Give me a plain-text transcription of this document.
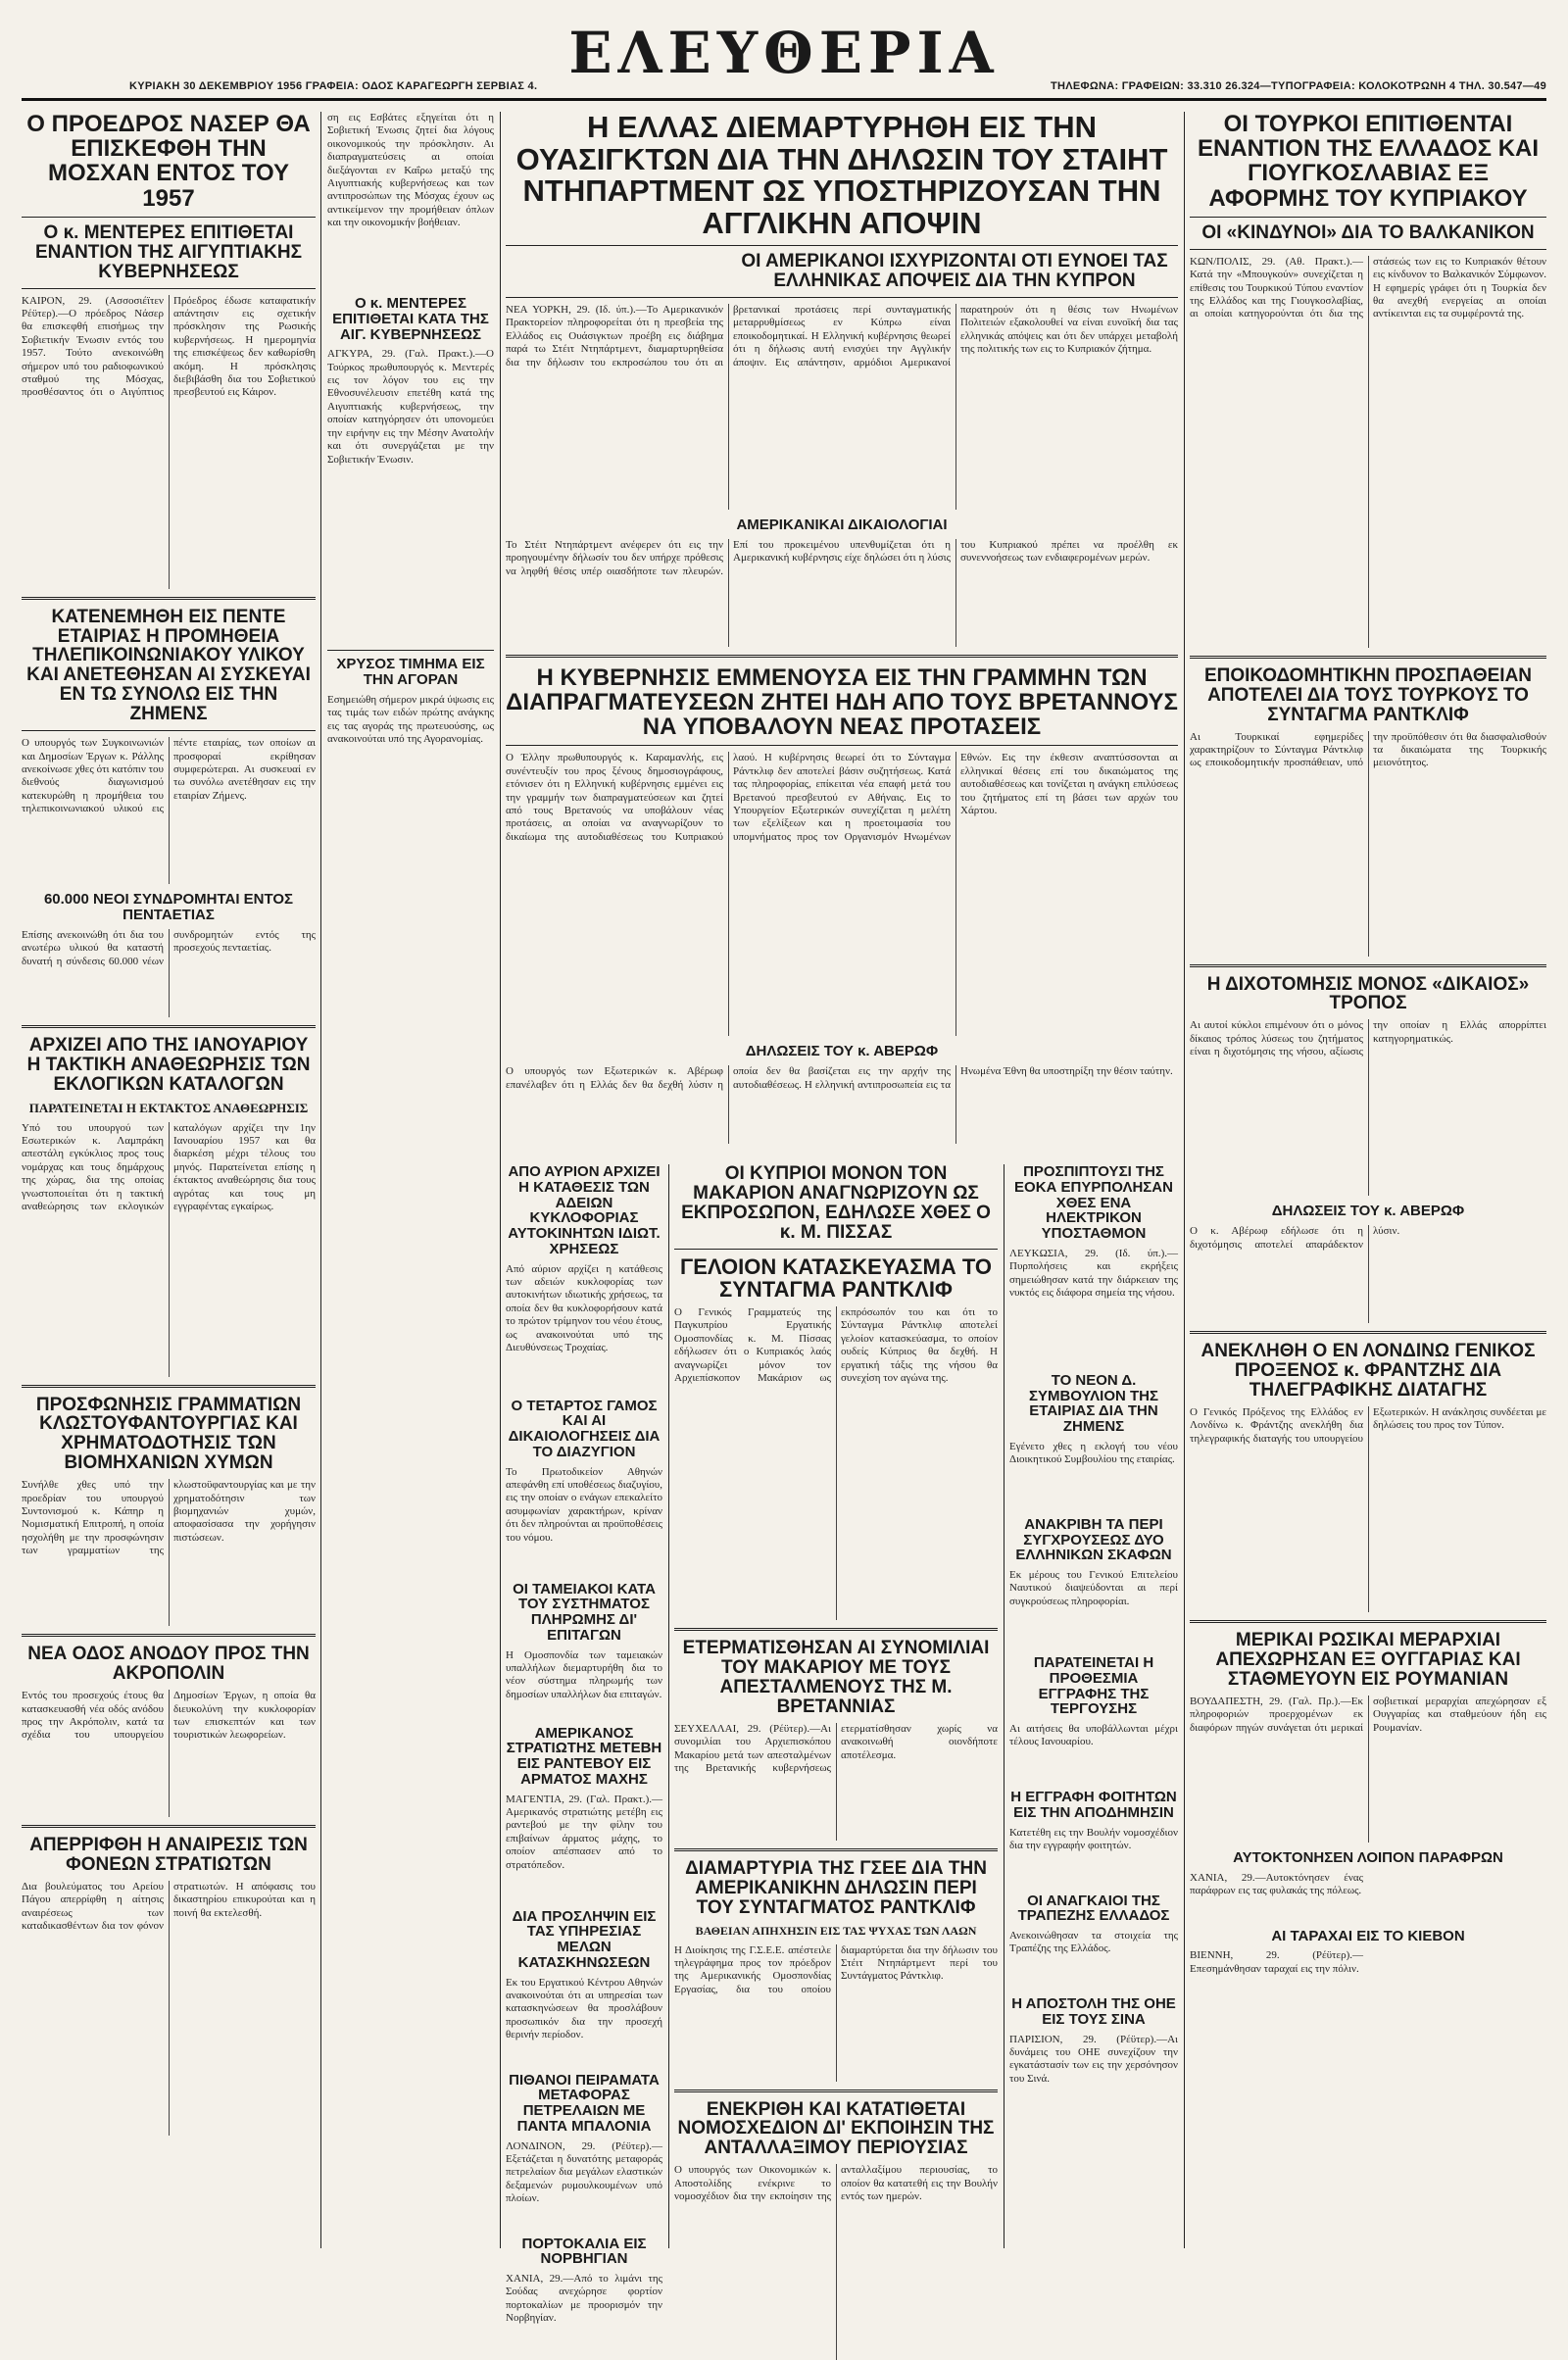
ΚΥΡΙΑΚΗ 30 ΔΕΚΕΜΒΡΙΟΥ 1956 ΓΡΑΦΕΙΑ: ΟΔΟΣ ΚΑΡΑΓΕΩΡΓΗ ΣΕΡΒΙΑΣ 4. ΕΛΕΥΘΕΡΙΑ	ΤΗΛΕΦΩΝΑ: ΓΡΑΦΕΙΩΝ: 33.310 26.324—ΤΥΠΟΓΡΑΦΕΙΑ: ΚΟΛΟΚΟΤΡΩΝΗ 4 ΤΗΛ. 30.547—49
Ο ΠΡΟΕΔΡΟΣ ΝΑΣΕΡ ΘΑ ΕΠΙΣΚΕΦΘΗ ΤΗΝ ΜΟΣΧΑΝ ΕΝΤΟΣ ΤΟΥ 1957
Ο κ. ΜΕΝΤΕΡΕΣ ΕΠΙΤΙΘΕΤΑΙ ΕΝΑΝΤΙΟΝ ΤΗΣ ΑΙΓΥΠΤΙΑΚΗΣ ΚΥΒΕΡΝΗΣΕΩΣ
ΚΑΙΡΟΝ, 29. (Ασσοσιέϊτεν Ρέϋτερ).—Ο πρόεδρος Νάσερ θα επισκεφθή επισήμως την Σοβιετικήν Ένωσιν εντός του 1957. Τούτο ανεκοινώθη σήμερον υπό του ραδιοφωνικού σταθμού της Μόσχας, προσθέσαντος ότι ο Αιγύπτιος Πρόεδρος έδωσε καταφατικήν απάντησιν εις σχετικήν πρόσκλησιν της Ρωσικής κυβερνήσεως. Η ημερομηνία της επισκέψεως δεν καθωρίσθη ακόμη. Η πρόσκλησις διεβιβάσθη δια του Σοβιετικού πρεσβευτού εις Κάιρον.
ΚΑΤΕΝΕΜΗΘΗ ΕΙΣ ΠΕΝΤΕ ΕΤΑΙΡΙΑΣ Η ΠΡΟΜΗΘΕΙΑ ΤΗΛΕΠΙΚΟΙΝΩΝΙΑΚΟΥ ΥΛΙΚΟΥ ΚΑΙ ΑΝΕΤΕΘΗΣΑΝ ΑΙ ΣΥΣΚΕΥΑΙ ΕΝ ΤΩ ΣΥΝΟΛΩ ΕΙΣ ΤΗΝ ΖΗΜΕΝΣ
Ο υπουργός των Συγκοινωνιών και Δημοσίων Έργων κ. Ράλλης ανεκοίνωσε χθες ότι κατόπιν του διεθνούς διαγωνισμού κατεκυρώθη η προμήθεια του τηλεπικοινωνιακού υλικού εις πέντε εταιρίας, των οποίων αι προσφοραί εκρίθησαν συμφερώτεραι. Αι συσκευαί εν τω συνόλω ανετέθησαν εις την εταιρίαν Ζήμενς.
60.000 ΝΕΟΙ ΣΥΝΔΡΟΜΗΤΑΙ ΕΝΤΟΣ ΠΕΝΤΑΕΤΙΑΣ
Επίσης ανεκοινώθη ότι δια του ανωτέρω υλικού θα καταστή δυνατή η σύνδεσις 60.000 νέων συνδρομητών εντός της προσεχούς πενταετίας.
ΑΡΧΙΖΕΙ ΑΠΟ ΤΗΣ ΙΑΝΟΥΑΡΙΟΥ Η ΤΑΚΤΙΚΗ ΑΝΑΘΕΩΡΗΣΙΣ ΤΩΝ ΕΚΛΟΓΙΚΩΝ ΚΑΤΑΛΟΓΩΝ
ΠΑΡΑΤΕΙΝΕΤΑΙ Η ΕΚΤΑΚΤΟΣ ΑΝΑΘΕΩΡΗΣΙΣ
Υπό του υπουργού των Εσωτερικών κ. Λαμπράκη απεστάλη εγκύκλιος προς τους νομάρχας και τους δημάρχους της χώρας, δια της οποίας γνωστοποιείται ότι η τακτική αναθεώρησις των εκλογικών καταλόγων αρχίζει την 1ην Ιανουαρίου 1957 και θα διαρκέση μέχρι τέλους του μηνός. Παρατείνεται επίσης η έκτακτος αναθεώρησις δια τους αγρότας και τους μη εγγραφέντας εγκαίρως.
ΠΡΟΣΦΩΝΗΣΙΣ ΓΡΑΜΜΑΤΙΩΝ ΚΛΩΣΤΟΥΦΑΝΤΟΥΡΓΙΑΣ ΚΑΙ ΧΡΗΜΑΤΟΔΟΤΗΣΙΣ ΤΩΝ ΒΙΟΜΗΧΑΝΙΩΝ ΧΥΜΩΝ
Συνήλθε χθες υπό την προεδρίαν του υπουργού Συντονισμού κ. Κάπηρ η Νομισματική Επιτροπή, η οποία ησχολήθη με την προσφώνησιν των γραμματίων της κλωστοϋφαντουργίας και με την χρηματοδότησιν των βιομηχανιών χυμών, αποφασίσασα την χορήγησιν πιστώσεων.
ΝΕΑ ΟΔΟΣ ΑΝΟΔΟΥ ΠΡΟΣ ΤΗΝ ΑΚΡΟΠΟΛΙΝ
Εντός του προσεχούς έτους θα κατασκευασθή νέα οδός ανόδου προς την Ακρόπολιν, κατά τα σχέδια του υπουργείου Δημοσίων Έργων, η οποία θα διευκολύνη την κυκλοφορίαν των επισκεπτών και των τουριστικών λεωφορείων.
ΑΠΕΡΡΙΦΘΗ Η ΑΝΑΙΡΕΣΙΣ ΤΩΝ ΦΟΝΕΩΝ ΣΤΡΑΤΙΩΤΩΝ
Δια βουλεύματος του Αρείου Πάγου απερρίφθη η αίτησις αναιρέσεως των καταδικασθέντων δια τον φόνον στρατιωτών. Η απόφασις του δικαστηρίου επικυρούται και η ποινή θα εκτελεσθή.
ση εις Εσβάτες εξηγείται ότι η Σοβιετική Ένωσις ζητεί δια λόγους οικονομικούς την πρόσκλησιν. Αι διαπραγματεύσεις αι οποίαι διεξάγονται εν Καΐρω μεταξύ της Αιγυπτιακής κυβερνήσεως και των αντιπροσώπων της Μόσχας έχουν ως αντικείμενον την προμήθειαν όπλων και την οικονομικήν βοήθειαν.
Ο κ. ΜΕΝΤΕΡΕΣ ΕΠΙΤΙΘΕΤΑΙ ΚΑΤΑ ΤΗΣ ΑΙΓ. ΚΥΒΕΡΝΗΣΕΩΣ
ΑΓΚΥΡΑ, 29. (Γαλ. Πρακτ.).—Ο Τούρκος πρωθυπουργός κ. Μεντερές εις τον λόγον του εις την Εθνοσυνέλευσιν επετέθη κατά της Αιγυπτιακής κυβερνήσεως, την οποίαν κατηγόρησεν ότι υπονομεύει την ειρήνην εις την Μέσην Ανατολήν και ότι συνεργάζεται με την Σοβιετικήν Ένωσιν.
ΧΡΥΣΟΣ ΤΙΜΗΜΑ ΕΙΣ ΤΗΝ ΑΓΟΡΑΝ
Εσημειώθη σήμερον μικρά ύψωσις εις τας τιμάς των ειδών πρώτης ανάγκης εις τας αγοράς της πρωτευούσης, ως ανακοινούται υπό της Αγορανομίας.
Η ΕΛΛΑΣ ΔΙΕΜΑΡΤΥΡΗΘΗ ΕΙΣ ΤΗΝ ΟΥΑΣΙΓΚΤΩΝ ΔΙΑ ΤΗΝ ΔΗΛΩΣΙΝ ΤΟΥ ΣΤΑΙΗΤ ΝΤΗΠΑΡΤΜΕΝΤ ΩΣ ΥΠΟΣΤΗΡΙΖΟΥΣΑΝ ΤΗΝ ΑΓΓΛΙΚΗΝ ΑΠΟΨΙΝ
ΟΙ ΑΜΕΡΙΚΑΝΟΙ ΙΣΧΥΡΙΖΟΝΤΑΙ ΟΤΙ ΕΥΝΟΕΙ ΤΑΣ ΕΛΛΗΝΙΚΑΣ ΑΠΟΨΕΙΣ ΔΙΑ ΤΗΝ ΚΥΠΡΟΝ
ΝΕΑ ΥΟΡΚΗ, 29. (Ιδ. ύπ.).—Το Αμερικανικόν Πρακτορείον πληροφορείται ότι η πρεσβεία της Ελλάδος εις Ουάσιγκτων προέβη εις διάβημα παρά τω Στέιτ Ντηπάρτμεντ, διαμαρτυρηθείσα δια την δήλωσιν του εκπροσώπου του ότι αι βρετανικαί προτάσεις περί συνταγματικής μεταρρυθμίσεως εν Κύπρω είναι εποικοδομητικαί. Η Ελληνική κυβέρνησις θεωρεί ότι η δήλωσις αυτή ενισχύει την Αγγλικήν άποψιν. Εις απάντησιν, αρμόδιοι Αμερικανοί παρατηρούν ότι η θέσις των Ηνωμένων Πολιτειών εξακολουθεί να είναι ευνοϊκή δια τας ελληνικάς απόψεις και ότι δεν υπάρχει μεταβολή της πολιτικής των εις το Κυπριακόν ζήτημα.
ΑΜΕΡΙΚΑΝΙΚΑΙ ΔΙΚΑΙΟΛΟΓΙΑΙ
Το Στέιτ Ντηπάρτμεντ ανέφερεν ότι εις την προηγουμένην δήλωσίν του δεν υπήρχε πρόθεσις να ληφθή θέσις υπέρ οιασδήποτε των πλευρών. Επί του προκειμένου υπενθυμίζεται ότι η Αμερικανική κυβέρνησις είχε δηλώσει ότι η λύσις του Κυπριακού πρέπει να προέλθη εκ συνεννοήσεως των ενδιαφερομένων μερών.
Η ΚΥΒΕΡΝΗΣΙΣ ΕΜΜΕΝΟΥΣΑ ΕΙΣ ΤΗΝ ΓΡΑΜΜΗΝ ΤΩΝ ΔΙΑΠΡΑΓΜΑΤΕΥΣΕΩΝ ΖΗΤΕΙ ΗΔΗ ΑΠΟ ΤΟΥΣ ΒΡΕΤΑΝΝΟΥΣ ΝΑ ΥΠΟΒΑΛΟΥΝ ΝΕΑΣ ΠΡΟΤΑΣΕΙΣ
Ο Έλλην πρωθυπουργός κ. Καραμανλής, εις συνέντευξίν του προς ξένους δημοσιογράφους, ετόνισεν ότι η Ελληνική κυβέρνησις εμμένει εις την γραμμήν των διαπραγματεύσεων και ζητεί από τους Βρετανούς να υποβάλουν νέας προτάσεις, αι οποίαι να αναγνωρίζουν το δικαίωμα της αυτοδιαθέσεως του Κυπριακού λαού. Η κυβέρνησις θεωρεί ότι το Σύνταγμα Ράντκλιφ δεν αποτελεί βάσιν συζητήσεως. Κατά τας πληροφορίας, επίκειται νέα επαφή μετά του Βρετανού πρεσβευτού εν Αθήναις. Εις το Υπουργείον Εξωτερικών συνεχίζεται η μελέτη των εξελίξεων και η προετοιμασία του υπομνήματος προς τον Οργανισμόν Ηνωμένων Εθνών. Εις την έκθεσιν αναπτύσσονται αι ελληνικαί θέσεις επί του δικαιώματος της αυτοδιαθέσεως και τονίζεται η ανάγκη επιλύσεως του ζητήματος επί τη βάσει των αρχών του Χάρτου.
ΔΗΛΩΣΕΙΣ ΤΟΥ κ. ΑΒΕΡΩΦ
Ο υπουργός των Εξωτερικών κ. Αβέρωφ επανέλαβεν ότι η Ελλάς δεν θα δεχθή λύσιν η οποία δεν θα βασίζεται εις την αρχήν της αυτοδιαθέσεως. Η ελληνική αντιπροσωπεία εις τα Ηνωμένα Έθνη θα υποστηρίξη την θέσιν ταύτην.
ΑΠΟ ΑΥΡΙΟΝ ΑΡΧΙΖΕΙ Η ΚΑΤΑΘΕΣΙΣ ΤΩΝ ΑΔΕΙΩΝ ΚΥΚΛΟΦΟΡΙΑΣ ΑΥΤΟΚΙΝΗΤΩΝ ΙΔΙΩΤ. ΧΡΗΣΕΩΣ
Από αύριον αρχίζει η κατάθεσις των αδειών κυκλοφορίας των αυτοκινήτων ιδιωτικής χρήσεως, τα οποία δεν θα κυκλοφορήσουν κατά το πρώτον τρίμηνον του νέου έτους, ως ανακοινούται υπό της Διευθύνσεως Τροχαίας.
Ο ΤΕΤΑΡΤΟΣ ΓΑΜΟΣ ΚΑΙ ΑΙ ΔΙΚΑΙΟΛΟΓΗΣΕΙΣ ΔΙΑ ΤΟ ΔΙΑΖΥΓΙΟΝ
Το Πρωτοδικείον Αθηνών απεφάνθη επί υποθέσεως διαζυγίου, εις την οποίαν ο ενάγων επεκαλείτο ασυμφωνίαν χαρακτήρων, κρίναν ότι δεν πληρούνται αι προϋποθέσεις του νόμου.
ΟΙ ΤΑΜΕΙΑΚΟΙ ΚΑΤΑ ΤΟΥ ΣΥΣΤΗΜΑΤΟΣ ΠΛΗΡΩΜΗΣ ΔΙ' ΕΠΙΤΑΓΩΝ
Η Ομοσπονδία των ταμειακών υπαλλήλων διεμαρτυρήθη δια το νέον σύστημα πληρωμής των δημοσίων υπαλλήλων δια επιταγών.
ΑΜΕΡΙΚΑΝΟΣ ΣΤΡΑΤΙΩΤΗΣ ΜΕΤΕΒΗ ΕΙΣ ΡΑΝΤΕΒΟΥ ΕΙΣ ΑΡΜΑΤΟΣ ΜΑΧΗΣ
ΜΑΓΕΝΤΙΑ, 29. (Γαλ. Πρακτ.).—Αμερικανός στρατιώτης μετέβη εις ραντεβού με την φίλην του επιβαίνων άρματος μάχης, το οποίον απέσπασεν από το στρατόπεδον.
ΔΙΑ ΠΡΟΣΛΗΨΙΝ ΕΙΣ ΤΑΣ ΥΠΗΡΕΣΙΑΣ ΜΕΛΩΝ ΚΑΤΑΣΚΗΝΩΣΕΩΝ
Εκ του Εργατικού Κέντρου Αθηνών ανακοινούται ότι αι υπηρεσίαι των κατασκηνώσεων θα προσλάβουν προσωπικόν δια την προσεχή θερινήν περίοδον.
ΠΙΘΑΝΟΙ ΠΕΙΡΑΜΑΤΑ ΜΕΤΑΦΟΡΑΣ ΠΕΤΡΕΛΑΙΩΝ ΜΕ ΠΑΝΤΑ ΜΠΑΛΟΝΙΑ
ΛΟΝΔΙΝΟΝ, 29. (Ρέϋτερ).—Εξετάζεται η δυνατότης μεταφοράς πετρελαίων δια μεγάλων ελαστικών δεξαμενών ρυμουλκουμένων υπό πλοίων.
ΠΟΡΤΟΚΑΛΙΑ ΕΙΣ ΝΟΡΒΗΓΙΑΝ
ΧΑΝΙΑ, 29.—Από το λιμάνι της Σούδας ανεχώρησε φορτίον πορτοκαλίων με προορισμόν την Νορβηγίαν.
ΟΙ ΚΥΠΡΙΟΙ ΜΟΝΟΝ ΤΟΝ ΜΑΚΑΡΙΟΝ ΑΝΑΓΝΩΡΙΖΟΥΝ ΩΣ ΕΚΠΡΟΣΩΠΟΝ, ΕΔΗΛΩΣΕ ΧΘΕΣ Ο κ. Μ. ΠΙΣΣΑΣ
ΓΕΛΟΙΟΝ ΚΑΤΑΣΚΕΥΑΣΜΑ ΤΟ ΣΥΝΤΑΓΜΑ ΡΑΝΤΚΛΙΦ
Ο Γενικός Γραμματεύς της Παγκυπρίου Εργατικής Ομοσπονδίας κ. Μ. Πίσσας εδήλωσεν ότι ο Κυπριακός λαός αναγνωρίζει μόνον τον Αρχιεπίσκοπον Μακάριον ως εκπρόσωπόν του και ότι το Σύνταγμα Ράντκλιφ αποτελεί γελοίον κατασκεύασμα, το οποίον ουδείς Κύπριος θα δεχθή. Η εργατική τάξις της νήσου θα συνεχίση τον αγώνα της.
ΕΤΕΡΜΑΤΙΣΘΗΣΑΝ ΑΙ ΣΥΝΟΜΙΛΙΑΙ ΤΟΥ ΜΑΚΑΡΙΟΥ ΜΕ ΤΟΥΣ ΑΠΕΣΤΑΛΜΕΝΟΥΣ ΤΗΣ Μ. ΒΡΕΤΑΝΝΙΑΣ
ΣΕΥΧΕΛΛΑΙ, 29. (Ρέϋτερ).—Αι συνομιλίαι του Αρχιεπισκόπου Μακαρίου μετά των απεσταλμένων της Βρετανικής κυβερνήσεως ετερματίσθησαν χωρίς να ανακοινωθή οιονδήποτε αποτέλεσμα.
ΔΙΑΜΑΡΤΥΡΙΑ ΤΗΣ ΓΣΕΕ ΔΙΑ ΤΗΝ ΑΜΕΡΙΚΑΝΙΚΗΝ ΔΗΛΩΣΙΝ ΠΕΡΙ ΤΟΥ ΣΥΝΤΑΓΜΑΤΟΣ ΡΑΝΤΚΛΙΦ
ΒΑΘΕΙΑΝ ΑΠΗΧΗΣΙΝ ΕΙΣ ΤΑΣ ΨΥΧΑΣ ΤΩΝ ΛΑΩΝ
Η Διοίκησις της Γ.Σ.Ε.Ε. απέστειλε τηλεγράφημα προς τον πρόεδρον της Αμερικανικής Ομοσπονδίας Εργασίας, δια του οποίου διαμαρτύρεται δια την δήλωσιν του Στέιτ Ντηπάρτμεντ περί του Συντάγματος Ράντκλιφ.
ΕΝΕΚΡΙΘΗ ΚΑΙ ΚΑΤΑΤΙΘΕΤΑΙ ΝΟΜΟΣΧΕΔΙΟΝ ΔΙ' ΕΚΠΟΙΗΣΙΝ ΤΗΣ ΑΝΤΑΛΛΑΞΙΜΟΥ ΠΕΡΙΟΥΣΙΑΣ
Ο υπουργός των Οικονομικών κ. Αποστολίδης ενέκρινε το νομοσχέδιον δια την εκποίησιν της ανταλλαξίμου περιουσίας, το οποίον θα κατατεθή εις την Βουλήν εντός των ημερών.
ΠΡΟΣΠΙΠΤΟΥΣΙ ΤΗΣ ΕΟΚΑ ΕΠΥΡΠΟΛΗΣΑΝ ΧΘΕΣ ΕΝΑ ΗΛΕΚΤΡΙΚΟΝ ΥΠΟΣΤΑΘΜΟΝ
ΛΕΥΚΩΣΙΑ, 29. (Ιδ. ύπ.).—Πυρπολήσεις και εκρήξεις σημειώθησαν κατά την διάρκειαν της νυκτός εις διάφορα σημεία της νήσου.
ΤΟ ΝΕΟΝ Δ. ΣΥΜΒΟΥΛΙΟΝ ΤΗΣ ΕΤΑΙΡΙΑΣ ΔΙΑ ΤΗΝ ΖΗΜΕΝΣ
Εγένετο χθες η εκλογή του νέου Διοικητικού Συμβουλίου της εταιρίας.
ΑΝΑΚΡΙΒΗ ΤΑ ΠΕΡΙ ΣΥΓΧΡΟΥΣΕΩΣ ΔΥΟ ΕΛΛΗΝΙΚΩΝ ΣΚΑΦΩΝ
Εκ μέρους του Γενικού Επιτελείου Ναυτικού διαψεύδονται αι περί συγκρούσεως πληροφορίαι.
ΠΑΡΑΤΕΙΝΕΤΑΙ Η ΠΡΟΘΕΣΜΙΑ ΕΓΓΡΑΦΗΣ ΤΗΣ ΤΕΡΓΟΥΣΗΣ
Αι αιτήσεις θα υποβάλλωνται μέχρι τέλους Ιανουαρίου.
Η ΕΓΓΡΑΦΗ ΦΟΙΤΗΤΩΝ ΕΙΣ ΤΗΝ ΑΠΟΔΗΜΗΣΙΝ
Κατετέθη εις την Βουλήν νομοσχέδιον δια την εγγραφήν φοιτητών.
ΟΙ ΑΝΑΓΚΑΙΟΙ ΤΗΣ ΤΡΑΠΕΖΗΣ ΕΛΛΑΔΟΣ
Ανεκοινώθησαν τα στοιχεία της Τραπέζης της Ελλάδος.
Η ΑΠΟΣΤΟΛΗ ΤΗΣ ΟΗΕ ΕΙΣ ΤΟΥΣ ΣΙΝΑ
ΠΑΡΙΣΙΟΝ, 29. (Ρέϋτερ).—Αι δυνάμεις του ΟΗΕ συνεχίζουν την εγκατάστασίν των εις την χερσόνησον του Σινά.
ΟΙ ΤΟΥΡΚΟΙ ΕΠΙΤΙΘΕΝΤΑΙ ΕΝΑΝΤΙΟΝ ΤΗΣ ΕΛΛΑΔΟΣ ΚΑΙ ΓΙΟΥΓΚΟΣΛΑΒΙΑΣ ΕΞ ΑΦΟΡΜΗΣ ΤΟΥ ΚΥΠΡΙΑΚΟΥ
ΟΙ «ΚΙΝΔΥΝΟΙ» ΔΙΑ ΤΟ ΒΑΛΚΑΝΙΚΟΝ
ΚΩΝ/ΠΟΛΙΣ, 29. (Αθ. Πρακτ.).—Κατά την «Μπουγκούν» συνεχίζεται η επίθεσις του Τουρκικού Τύπου εναντίον της Ελλάδος και της Γιουγκοσλαβίας, αι οποίαι κατηγορούνται ότι δια της στάσεώς των εις το Κυπριακόν θέτουν εις κίνδυνον το Βαλκανικόν Σύμφωνον. Η εφημερίς γράφει ότι η Τουρκία δεν θα ανεχθή ενεργείας αι οποίαι αντίκεινται εις τα συμφέροντά της.
ΕΠΟΙΚΟΔΟΜΗΤΙΚΗΝ ΠΡΟΣΠΑΘΕΙΑΝ ΑΠΟΤΕΛΕΙ ΔΙΑ ΤΟΥΣ ΤΟΥΡΚΟΥΣ ΤΟ ΣΥΝΤΑΓΜΑ ΡΑΝΤΚΛΙΦ
Αι Τουρκικαί εφημερίδες χαρακτηρίζουν το Σύνταγμα Ράντκλιφ ως εποικοδομητικήν προσπάθειαν, υπό την προϋπόθεσιν ότι θα διασφαλισθούν τα δικαιώματα της Τουρκικής μειονότητος.
Η ΔΙΧΟΤΟΜΗΣΙΣ ΜΟΝΟΣ «ΔΙΚΑΙΟΣ» ΤΡΟΠΟΣ
Αι αυτοί κύκλοι επιμένουν ότι ο μόνος δίκαιος τρόπος λύσεως του ζητήματος είναι η διχοτόμησις της νήσου, αξίωσις την οποίαν η Ελλάς απορρίπτει κατηγορηματικώς.
ΔΗΛΩΣΕΙΣ ΤΟΥ κ. ΑΒΕΡΩΦ
Ο κ. Αβέρωφ εδήλωσε ότι η διχοτόμησις αποτελεί απαράδεκτον λύσιν.
ΑΝΕΚΛΗΘΗ Ο ΕΝ ΛΟΝΔΙΝΩ ΓΕΝΙΚΟΣ ΠΡΟΞΕΝΟΣ κ. ΦΡΑΝΤΖΗΣ ΔΙΑ ΤΗΛΕΓΡΑΦΙΚΗΣ ΔΙΑΤΑΓΗΣ
Ο Γενικός Πρόξενος της Ελλάδος εν Λονδίνω κ. Φράντζης ανεκλήθη δια τηλεγραφικής διαταγής του υπουργείου Εξωτερικών. Η ανάκλησις συνδέεται με δηλώσεις του προς τον Τύπον.
ΜΕΡΙΚΑΙ ΡΩΣΙΚΑΙ ΜΕΡΑΡΧΙΑΙ ΑΠΕΧΩΡΗΣΑΝ ΕΞ ΟΥΓΓΑΡΙΑΣ ΚΑΙ ΣΤΑΘΜΕΥΟΥΝ ΕΙΣ ΡΟΥΜΑΝΙΑΝ
ΒΟΥΔΑΠΕΣΤΗ, 29. (Γαλ. Πρ.).—Εκ πληροφοριών προερχομένων εκ διαφόρων πηγών συνάγεται ότι μερικαί σοβιετικαί μεραρχίαι απεχώρησαν εξ Ουγγαρίας και σταθμεύουν ήδη εις Ρουμανίαν.
ΑΥΤΟΚΤΟΝΗΣΕΝ ΛΟΙΠΟΝ ΠΑΡΑΦΡΩΝ
ΧΑΝΙΑ, 29.—Αυτοκτόνησεν ένας παράφρων εις τας φυλακάς της πόλεως.
ΑΙ ΤΑΡΑΧΑΙ ΕΙΣ ΤΟ ΚΙΕΒΟΝ
ΒΙΕΝΝΗ, 29. (Ρέϋτερ).—Επεσημάνθησαν ταραχαί εις την πόλιν.
